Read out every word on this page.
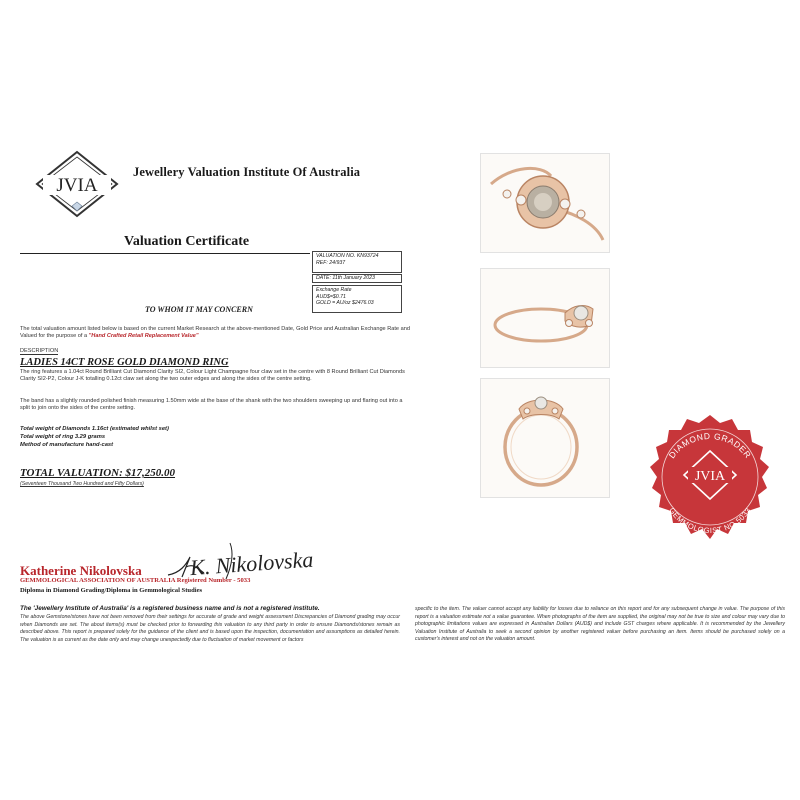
JVIA
Jewellery Valuation Institute Of Australia
Valuation Certificate
VALUATION NO. KN93724
REF: 24/937
DATE: 11th January 2023
Exchange Rate
AUD$=$0.71
GOLD = AU/oz $2476.03
TO WHOM IT MAY CONCERN
The total valuation amount listed below is based on the current Market Research at the above-mentioned Date, Gold Price and Australian Exchange Rate and Valued for the purpose of a "Hand Crafted Retail Replacement Value"
DESCRIPTION
LADIES 14CT ROSE GOLD DIAMOND RING
The ring features a 1.04ct Round Brilliant Cut Diamond Clarity SI2, Colour Light Champagne four claw set in the centre with 8 Round Brilliant Cut Diamonds Clarity SI2-P2, Colour J-K totalling 0.12ct claw set along the two outer edges and along the sides of the centre setting.
The band has a slightly rounded polished finish measuring 1.50mm wide at the base of the shank with the two shoulders sweeping up and flaring out into a split to join onto the sides of the centre setting.
Total weight of Diamonds 1.16ct (estimated whilst set)
Total weight of ring 3.29 grams
Method of manufacture hand-cast
TOTAL VALUATION: $17,250.00
(Seventeen Thousand Two Hundred and Fifty Dollars)
Katherine Nikolovska K. Nikolovska
GEMMOLOGICAL ASSOCIATION OF AUSTRALIA Registered Number - 5033
Diploma in Diamond Grading/Diploma in Gemmological Studies
The 'Jewellery Institute of Australia' is a registered business name and is not a registered institute.
The above Gemstone/stones have not been removed from their settings for accurate of grade and weight assessment Discrepancies of Diamond grading may occur when Diamonds are set. The about items(s) must be checked prior to forwarding this valuation to any third party in order to ensure Diamonds/stones remain as described above. This report is prepared solely for the guidance of the client and is based upon the inspection, documentation and assumptions as detailed herein. The valuation is as current as the date only and may change unexpectedly due to fluctuation of market movement or factors
specific to the item. The valuer cannot accept any liability for losses due to reliance on this report and for any subsequent change in value. The purpose of this report is a valuation estimate not a value guarantee. When photographs of the item are supplied, the original may not be true to size and colour may vary due to photographic limitations values are expressed in Australian Dollars (AUD$) and include GST charges where applicable. It is recommended by the Jewellery Valuation Institute of Australia to seek a second opinion by another registered valuer before purchasing an item. Items should be purchased solely on a customer's interest and not on the valuation amount.
DIAMOND GRADER
JVIA
GEMMOLOGIST NO.5033
